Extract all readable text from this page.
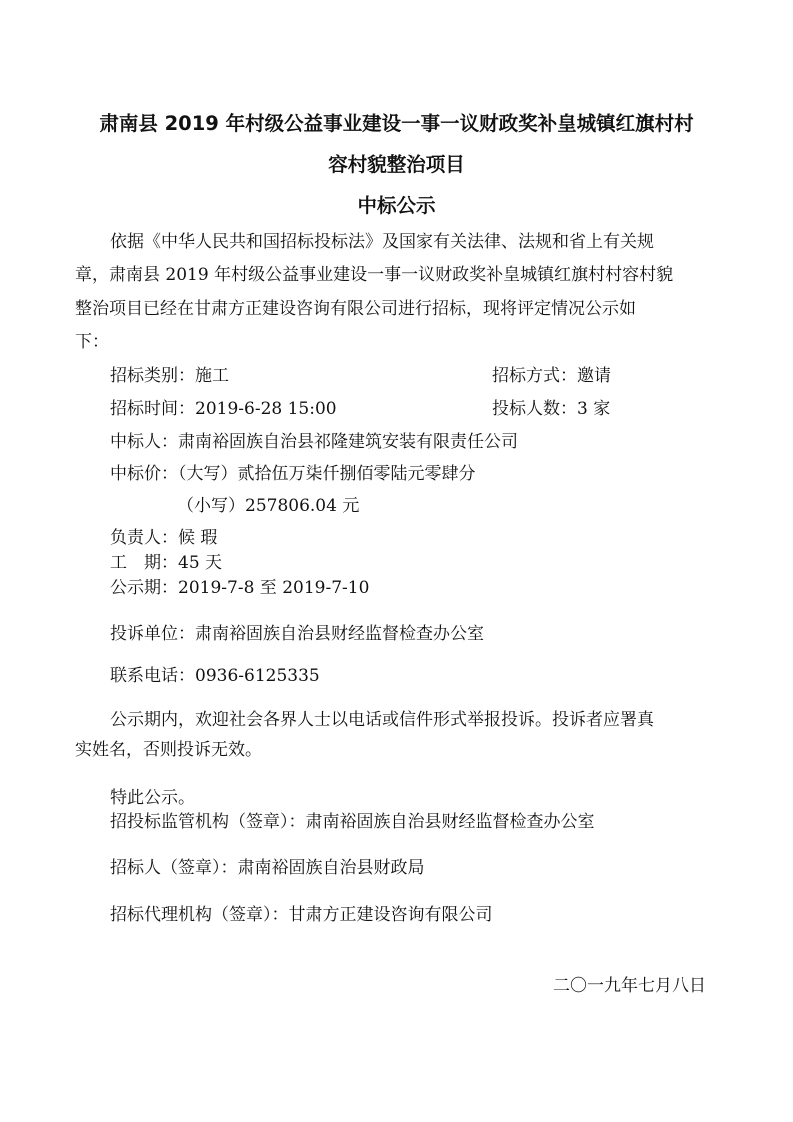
肃南县 2019 年村级公益事业建设一事一议财政奖补皇城镇红旗村村
容村貌整治项目
中标公示
依据《中华人民共和国招标投标法》及国家有关法律、法规和省上有关规
章，肃南县 2019 年村级公益事业建设一事一议财政奖补皇城镇红旗村村容村貌
整治项目已经在甘肃方正建设咨询有限公司进行招标，现将评定情况公示如
下：
招标类别：施工	招标方式：邀请
招标时间：2019-6-28 15:00	投标人数：3 家
中标人：肃南裕固族自治县祁隆建筑安装有限责任公司
中标价：（大写）贰拾伍万柒仟捌佰零陆元零肆分
（小写）257806.04 元
负责人：候 瑕
工　期：45 天
公示期：2019-7-8 至 2019-7-10
投诉单位：肃南裕固族自治县财经监督检查办公室
联系电话：0936-6125335
公示期内，欢迎社会各界人士以电话或信件形式举报投诉。投诉者应署真
实姓名，否则投诉无效。
特此公示。
招投标监管机构（签章）：肃南裕固族自治县财经监督检查办公室
招标人（签章）：肃南裕固族自治县财政局
招标代理机构（签章）：甘肃方正建设咨询有限公司
二〇一九年七月八日
